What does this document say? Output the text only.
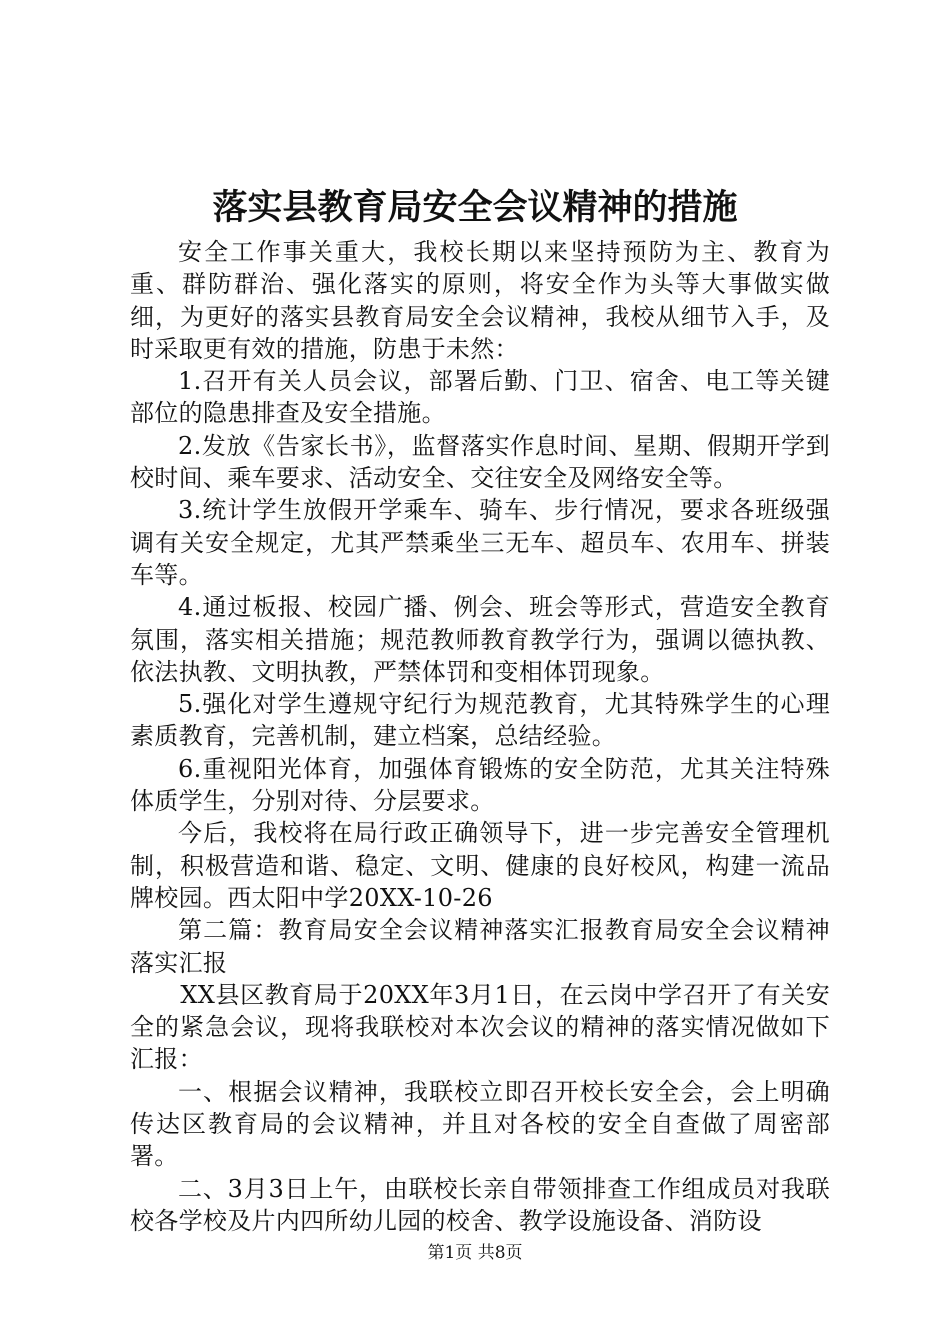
落实县教育局安全会议精神的措施

安全工作事关重大，我校长期以来坚持预防为主、教育为重、群防群治、强化落实的原则，将安全作为头等大事做实做细，为更好的落实县教育局安全会议精神，我校从细节入手，及时采取更有效的措施，防患于未然：

1.召开有关人员会议，部署后勤、门卫、宿舍、电工等关键部位的隐患排查及安全措施。

2.发放《告家长书》，监督落实作息时间、星期、假期开学到校时间、乘车要求、活动安全、交往安全及网络安全等。

3.统计学生放假开学乘车、骑车、步行情况，要求各班级强调有关安全规定，尤其严禁乘坐三无车、超员车、农用车、拼装车等。

4.通过板报、校园广播、例会、班会等形式，营造安全教育氛围，落实相关措施；规范教师教育教学行为，强调以德执教、依法执教、文明执教，严禁体罚和变相体罚现象。

5.强化对学生遵规守纪行为规范教育，尤其特殊学生的心理素质教育，完善机制，建立档案，总结经验。

6.重视阳光体育，加强体育锻炼的安全防范，尤其关注特殊体质学生，分别对待、分层要求。

今后，我校将在局行政正确领导下，进一步完善安全管理机制，积极营造和谐、稳定、文明、健康的良好校风，构建一流品牌校园。西太阳中学20XX-10-26

第二篇：教育局安全会议精神落实汇报教育局安全会议精神落实汇报

XX县区教育局于20XX年3月1日，在云岗中学召开了有关安全的紧急会议，现将我联校对本次会议的精神的落实情况做如下汇报：

一、根据会议精神，我联校立即召开校长安全会，会上明确传达区教育局的会议精神，并且对各校的安全自查做了周密部署。

二、3月3日上午，由联校长亲自带领排查工作组成员对我联校各学校及片内四所幼儿园的校舍、教学设施设备、消防设

第1页 共8页
